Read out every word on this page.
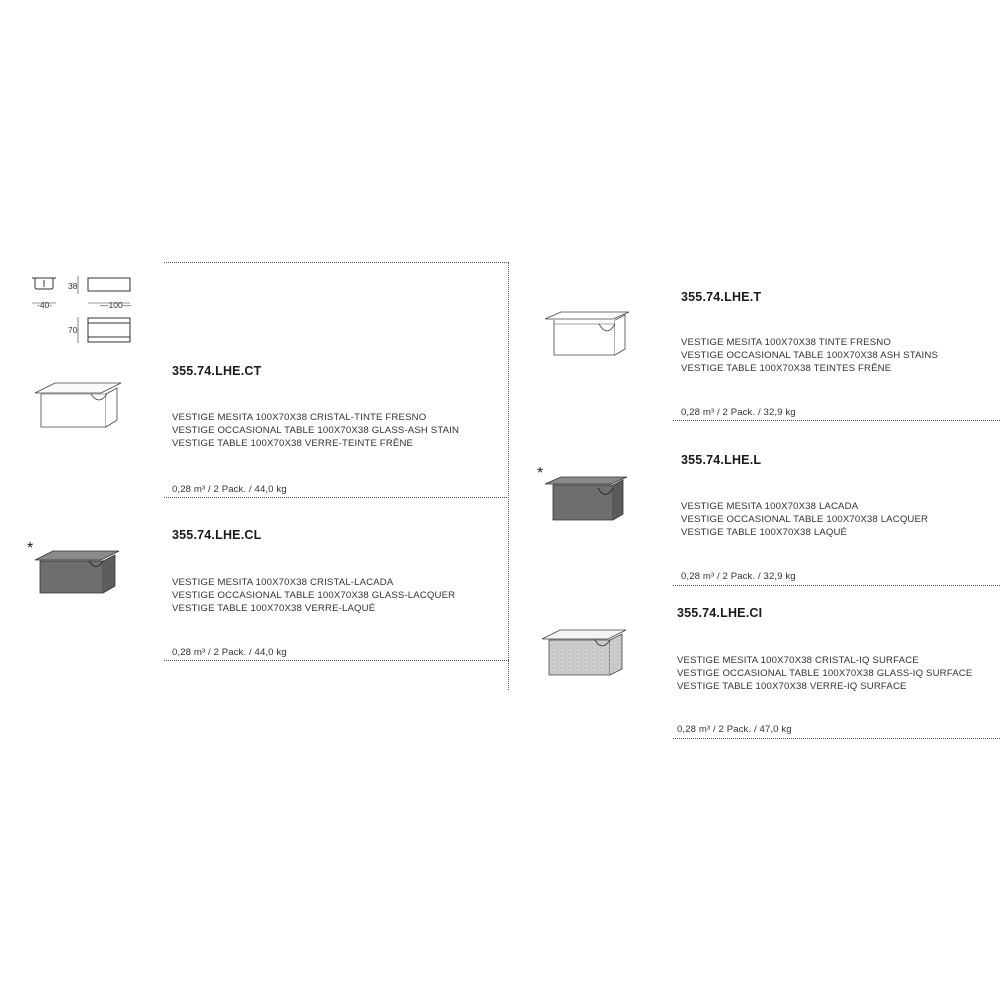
-40-
38
—100—
70
355.74.LHE.CT
VESTIGE MESITA 100X70X38 CRISTAL-TINTE FRESNO
VESTIGE OCCASIONAL TABLE 100X70X38 GLASS-ASH STAIN
VESTIGE TABLE 100X70X38 VERRE-TEINTE FRÊNE
0,28 m³ / 2 Pack. / 44,0 kg
*
355.74.LHE.CL
VESTIGE MESITA 100X70X38 CRISTAL-LACADA
VESTIGE OCCASIONAL TABLE 100X70X38 GLASS-LACQUER
VESTIGE TABLE 100X70X38 VERRE-LAQUÉ
0,28 m³ / 2 Pack. / 44,0 kg
355.74.LHE.T
VESTIGE MESITA 100X70X38 TINTE FRESNO
VESTIGE OCCASIONAL TABLE 100X70X38 ASH STAINS
VESTIGE TABLE 100X70X38 TEINTES FRÊNE
0,28 m³ / 2 Pack. / 32,9 kg
*
355.74.LHE.L
VESTIGE MESITA 100X70X38 LACADA
VESTIGE OCCASIONAL TABLE 100X70X38 LACQUER
VESTIGE TABLE 100X70X38 LAQUÉ
0,28 m³ / 2 Pack. / 32,9 kg
355.74.LHE.CI
VESTIGE MESITA 100X70X38 CRISTAL-IQ SURFACE
VESTIGE OCCASIONAL TABLE 100X70X38 GLASS-IQ SURFACE
VESTIGE TABLE 100X70X38 VERRE-IQ SURFACE
0,28 m³ / 2 Pack. / 47,0 kg
